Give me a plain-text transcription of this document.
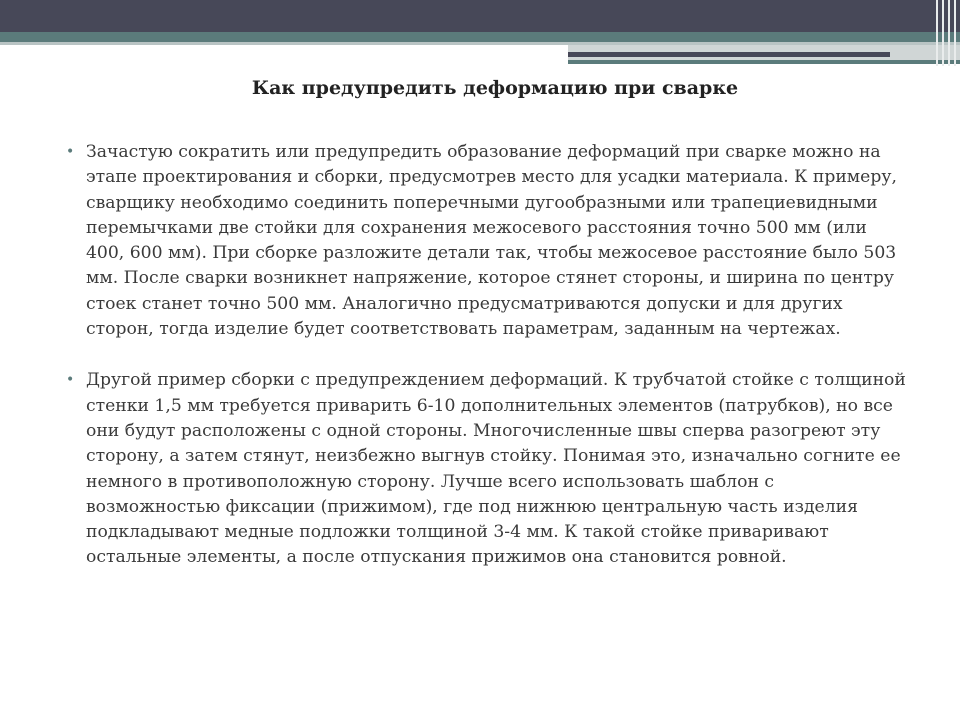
Как предупредить деформацию при сварке
• Зачастую сократить или предупредить образование деформаций при сварке можно на этапе проектирования и сборки, предусмотрев место для усадки материала. К примеру, сварщику необходимо соединить поперечными дугообразными или трапециевидными перемычками две стойки для сохранения межосевого расстояния точно 500 мм (или 400, 600 мм). При сборке разложите детали так, чтобы межосевое расстояние было 503 мм. После сварки возникнет напряжение, которое стянет стороны, и ширина по центру стоек станет точно 500 мм. Аналогично предусматриваются допуски и для других сторон, тогда изделие будет соответствовать параметрам, заданным на чертежах.
• Другой пример сборки с предупреждением деформаций. К трубчатой стойке с толщиной стенки 1,5 мм требуется приварить 6-10 дополнительных элементов (патрубков), но все они будут расположены с одной стороны. Многочисленные швы сперва разогреют эту сторону, а затем стянут, неизбежно выгнув стойку. Понимая это, изначально согните ее немного в противоположную сторону. Лучше всего использовать шаблон с возможностью фиксации (прижимом), где под нижнюю центральную часть изделия подкладывают медные подложки толщиной 3-4 мм. К такой стойке приваривают остальные элементы, а после отпускания прижимов она становится ровной.
